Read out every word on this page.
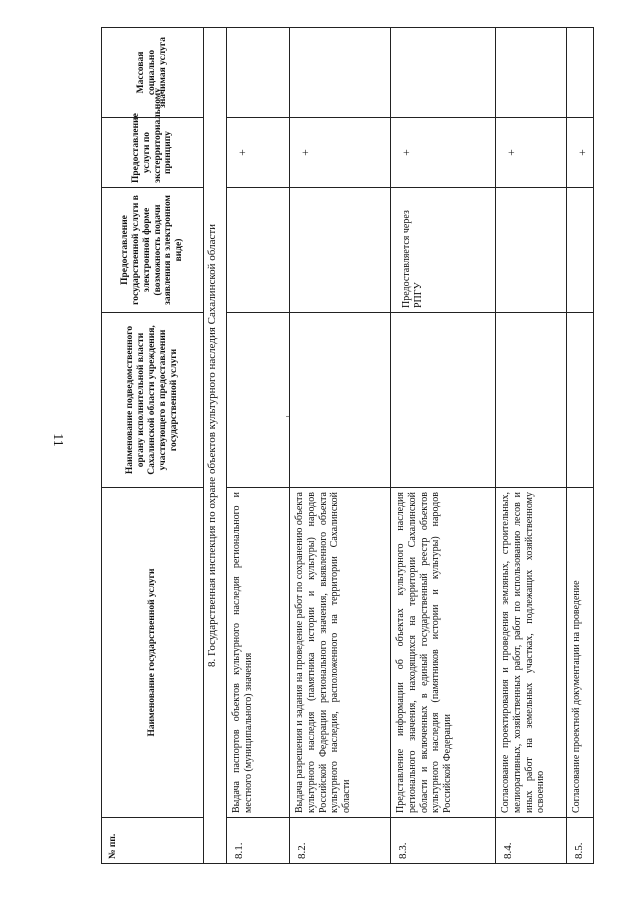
11
№ пп.	Наименование государственной услуги	Наименование подведомственного органу исполнительной власти Сахалинской области учреждения, участвующего в предоставлении государственной услуги	Предоставление государственной услуги в электронной форме (возможность подачи заявления в электронном виде)	Предоставление услуги по экстерриториальному принципу	Массовая социально значимая услуга
8. Государственная инспекция по охране объектов культурного наследия Сахалинской области					
8.1.	Выдача паспортов объектов культурного наследия регионального и местного (муниципального) значения			+	
8.2.	Выдача разрешения и задания на проведение работ по сохранению объекта культурного наследия (памятника истории и культуры) народов Российской Федерации регионального значения, выявленного объекта культурного наследия, расположенного на территории Сахалинской области			+	
8.3.	Представление информации об объектах культурного наследия регионального значения, находящихся на территории Сахалинской области и включенных в единый государственный реестр объектов культурного наследия (памятников истории и культуры) народов Российской Федерации		Предоставляется через РПГУ	+	
8.4.	Согласование проектирования и проведения земляных, строительных, мелиоративных, хозяйственных работ, работ по использованию лесов и иных работ на земельных участках, подлежащих хозяйственному освоению			+	
8.5.	Согласование проектной документации на проведение			+	
